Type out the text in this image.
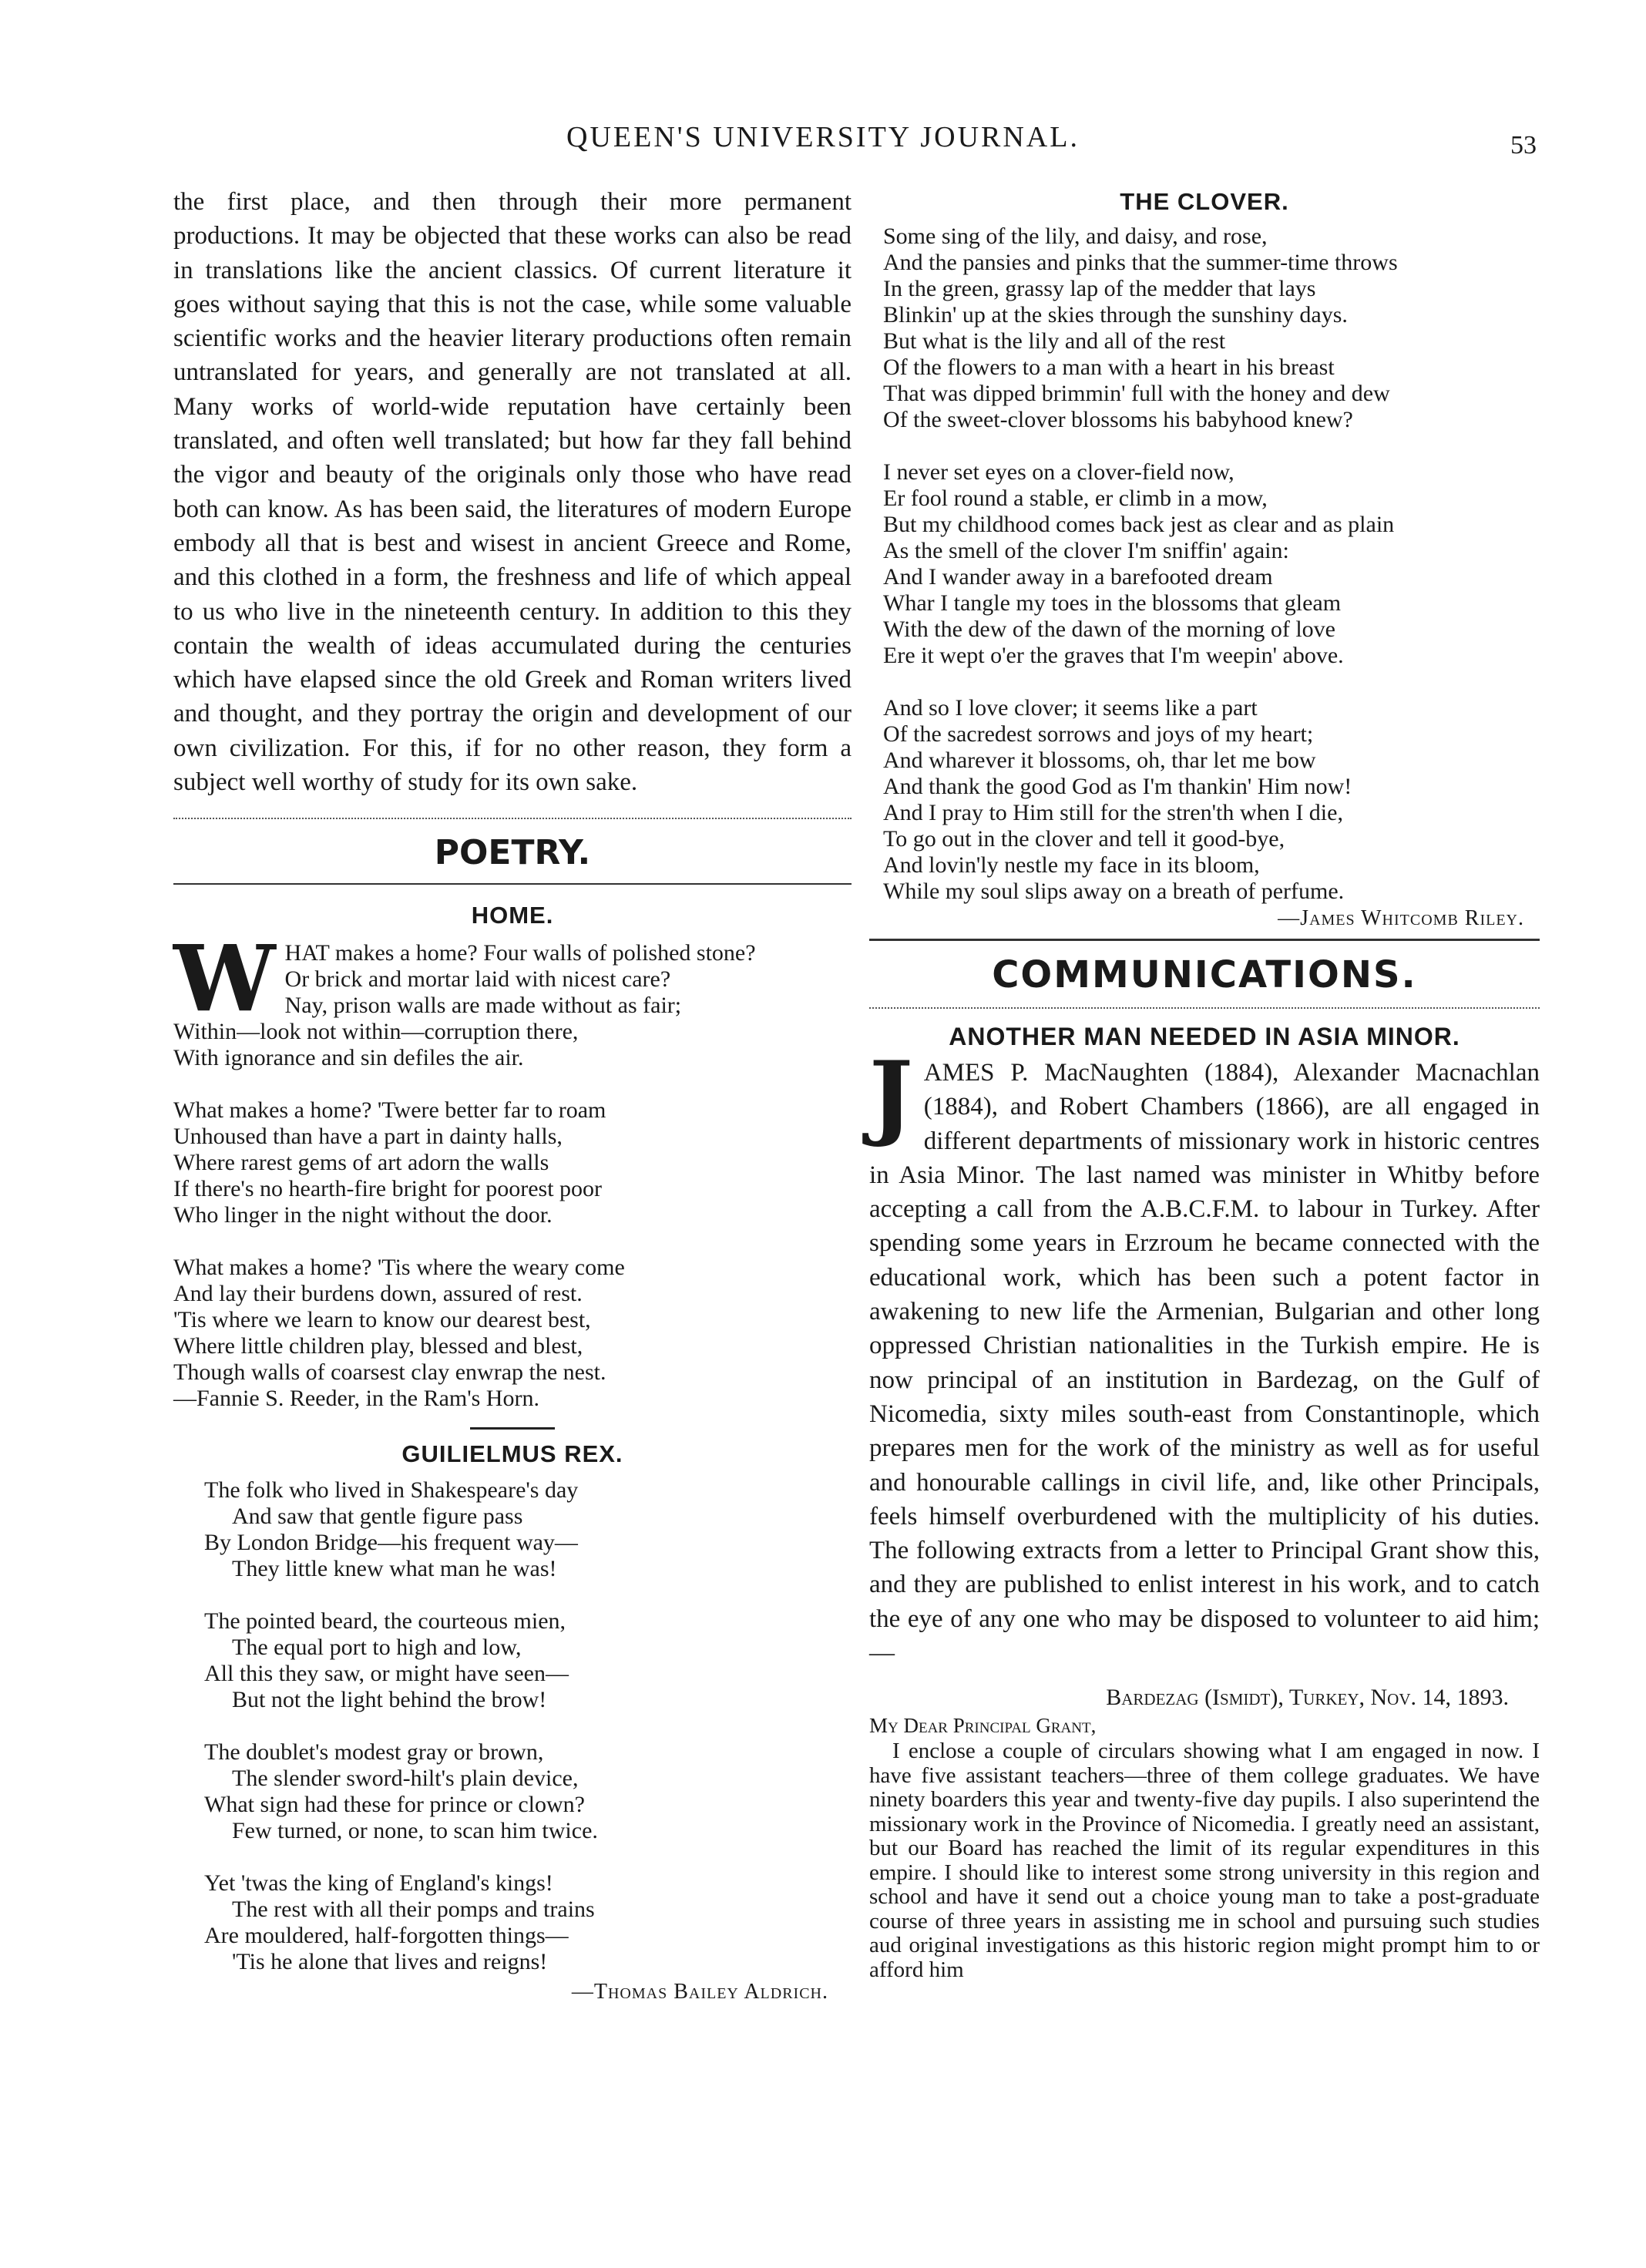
QUEEN'S UNIVERSITY JOURNAL.	53

the first place, and then through their more permanent productions. It may be objected that these works can also be read in translations like the ancient classics. Of current literature it goes without saying that this is not the case, while some valuable scientific works and the heavier literary productions often remain untranslated for years, and generally are not translated at all. Many works of world-wide reputation have certainly been translated, and often well translated; but how far they fall behind the vigor and beauty of the originals only those who have read both can know. As has been said, the literatures of modern Europe embody all that is best and wisest in ancient Greece and Rome, and this clothed in a form, the freshness and life of which appeal to us who live in the nineteenth century. In addition to this they contain the wealth of ideas accumulated during the centuries which have elapsed since the old Greek and Roman writers lived and thought, and they portray the origin and development of our own civilization. For this, if for no other reason, they form a subject well worthy of study for its own sake.

POETRY.
HOME.
W HAT makes a home? Four walls of polished stone?
Or brick and mortar laid with nicest care?
Nay, prison walls are made without as fair;
Within—look not within—corruption there,
With ignorance and sin defiles the air.
What makes a home? 'Twere better far to roam
Unhoused than have a part in dainty halls,
Where rarest gems of art adorn the walls
If there's no hearth-fire bright for poorest poor
Who linger in the night without the door.
What makes a home? 'Tis where the weary come
And lay their burdens down, assured of rest.
'Tis where we learn to know our dearest best,
Where little children play, blessed and blest,
Though walls of coarsest clay enwrap the nest.
—Fannie S. Reeder, in the Ram's Horn.
GUILIELMUS REX.
The folk who lived in Shakespeare's day
And saw that gentle figure pass
By London Bridge—his frequent way—
They little knew what man he was!
The pointed beard, the courteous mien,
The equal port to high and low,
All this they saw, or might have seen—
But not the light behind the brow!
The doublet's modest gray or brown,
The slender sword-hilt's plain device,
What sign had these for prince or clown?
Few turned, or none, to scan him twice.
Yet 'twas the king of England's kings!
The rest with all their pomps and trains
Are mouldered, half-forgotten things—
'Tis he alone that lives and reigns!
—Thomas Bailey Aldrich.
THE CLOVER.
Some sing of the lily, and daisy, and rose,
And the pansies and pinks that the summer-time throws
In the green, grassy lap of the medder that lays
Blinkin' up at the skies through the sunshiny days.
But what is the lily and all of the rest
Of the flowers to a man with a heart in his breast
That was dipped brimmin' full with the honey and dew
Of the sweet-clover blossoms his babyhood knew?
I never set eyes on a clover-field now,
Er fool round a stable, er climb in a mow,
But my childhood comes back jest as clear and as plain
As the smell of the clover I'm sniffin' again:
And I wander away in a barefooted dream
Whar I tangle my toes in the blossoms that gleam
With the dew of the dawn of the morning of love
Ere it wept o'er the graves that I'm weepin' above.
And so I love clover; it seems like a part
Of the sacredest sorrows and joys of my heart;
And wharever it blossoms, oh, thar let me bow
And thank the good God as I'm thankin' Him now!
And I pray to Him still for the stren'th when I die,
To go out in the clover and tell it good-bye,
And lovin'ly nestle my face in its bloom,
While my soul slips away on a breath of perfume.
—James Whitcomb Riley.
COMMUNICATIONS.
ANOTHER MAN NEEDED IN ASIA MINOR.

JAMES P. MacNaughten (1884), Alexander Macnachlan (1884), and Robert Chambers (1866), are all engaged in different departments of missionary work in historic centres in Asia Minor. The last named was minister in Whitby before accepting a call from the A.B.C.F.M. to labour in Turkey. After spending some years in Erzroum he became connected with the educational work, which has been such a potent factor in awakening to new life the Armenian, Bulgarian and other long oppressed Christian nationalities in the Turkish empire. He is now principal of an institution in Bardezag, on the Gulf of Nicomedia, sixty miles south-east from Constantinople, which prepares men for the work of the ministry as well as for useful and honourable callings in civil life, and, like other Principals, feels himself overburdened with the multiplicity of his duties. The following extracts from a letter to Principal Grant show this, and they are published to enlist interest in his work, and to catch the eye of any one who may be disposed to volunteer to aid him;—

Bardezag (Ismidt), Turkey, Nov. 14, 1893.

My Dear Principal Grant,

I enclose a couple of circulars showing what I am engaged in now. I have five assistant teachers—three of them college graduates. We have ninety boarders this year and twenty-five day pupils. I also superintend the missionary work in the Province of Nicomedia. I greatly need an assistant, but our Board has reached the limit of its regular expenditures in this empire. I should like to interest some strong university in this region and school and have it send out a choice young man to take a post-graduate course of three years in assisting me in school and pursuing such studies aud original investigations as this historic region might prompt him to or afford him
